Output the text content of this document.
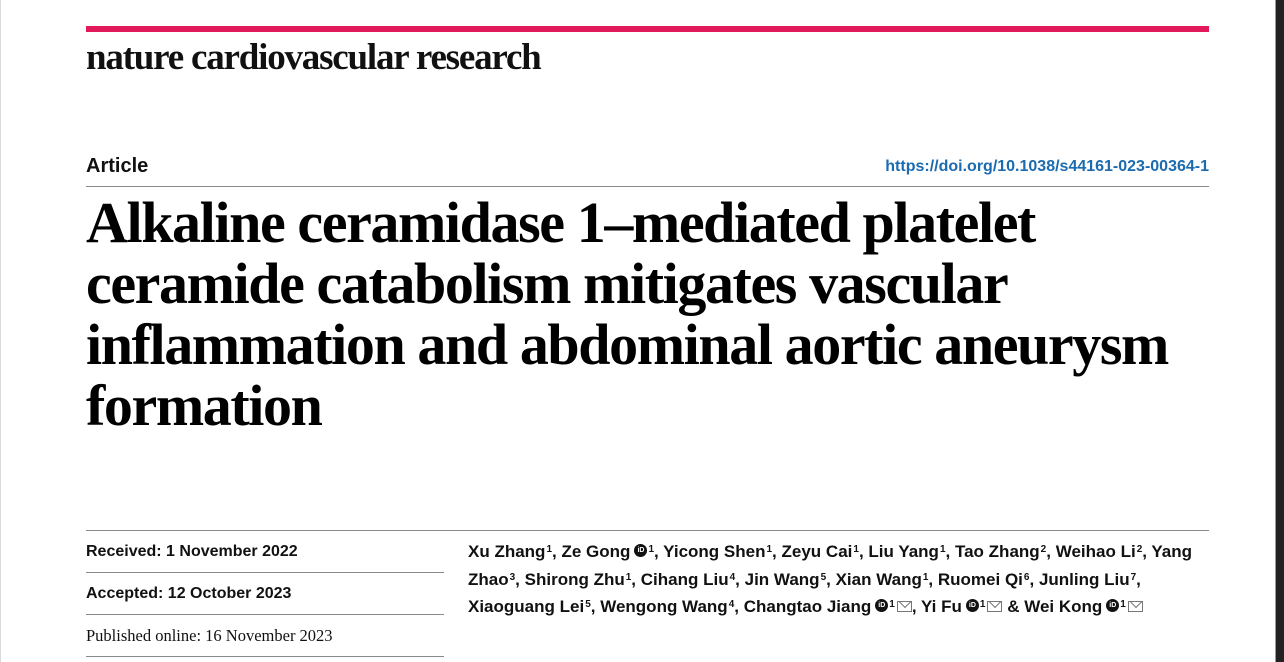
nature cardiovascular research
Article	https://doi.org/10.1038/s44161-023-00364-1
Alkaline ceramidase 1–mediated platelet ceramide catabolism mitigates vascular inflammation and abdominal aortic aneurysm formation
Received: 1 November 2022
Accepted: 12 October 2023
Published online: 16 November 2023
Xu Zhang$^1$, Ze Gong iD $^1$, Yicong Shen$^1$, Zeyu Cai$^1$, Liu Yang$^1$, Tao Zhang$^2$, Weihao Li$^2$, Yang Zhao$^3$, Shirong Zhu$^1$, Cihang Liu$^4$, Jin Wang$^5$, Xian Wang$^1$, Ruomei Qi$^6$, Junling Liu$^7$, Xiaoguang Lei$^5$, Wengong Wang$^4$, Changtao Jiang iD $^1$ , Yi Fu iD $^1$ & Wei Kong iD $^1$
